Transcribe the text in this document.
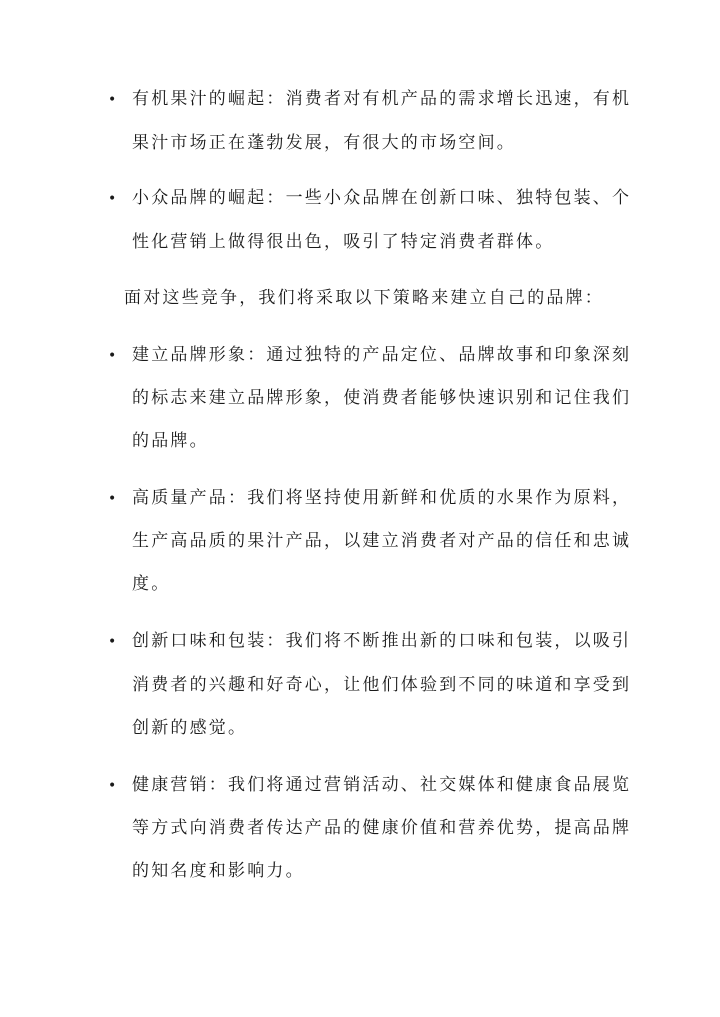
• 有机果汁的崛起：消费者对有机产品的需求增长迅速，有机
果汁市场正在蓬勃发展，有很大的市场空间。
• 小众品牌的崛起：一些小众品牌在创新口味、独特包装、个
性化营销上做得很出色，吸引了特定消费者群体。
面对这些竞争，我们将采取以下策略来建立自己的品牌：
• 建立品牌形象：通过独特的产品定位、品牌故事和印象深刻
的标志来建立品牌形象，使消费者能够快速识别和记住我们
的品牌。
• 高质量产品：我们将坚持使用新鲜和优质的水果作为原料，
生产高品质的果汁产品，以建立消费者对产品的信任和忠诚
度。
• 创新口味和包装：我们将不断推出新的口味和包装，以吸引
消费者的兴趣和好奇心，让他们体验到不同的味道和享受到
创新的感觉。
• 健康营销：我们将通过营销活动、社交媒体和健康食品展览
等方式向消费者传达产品的健康价值和营养优势，提高品牌
的知名度和影响力。
